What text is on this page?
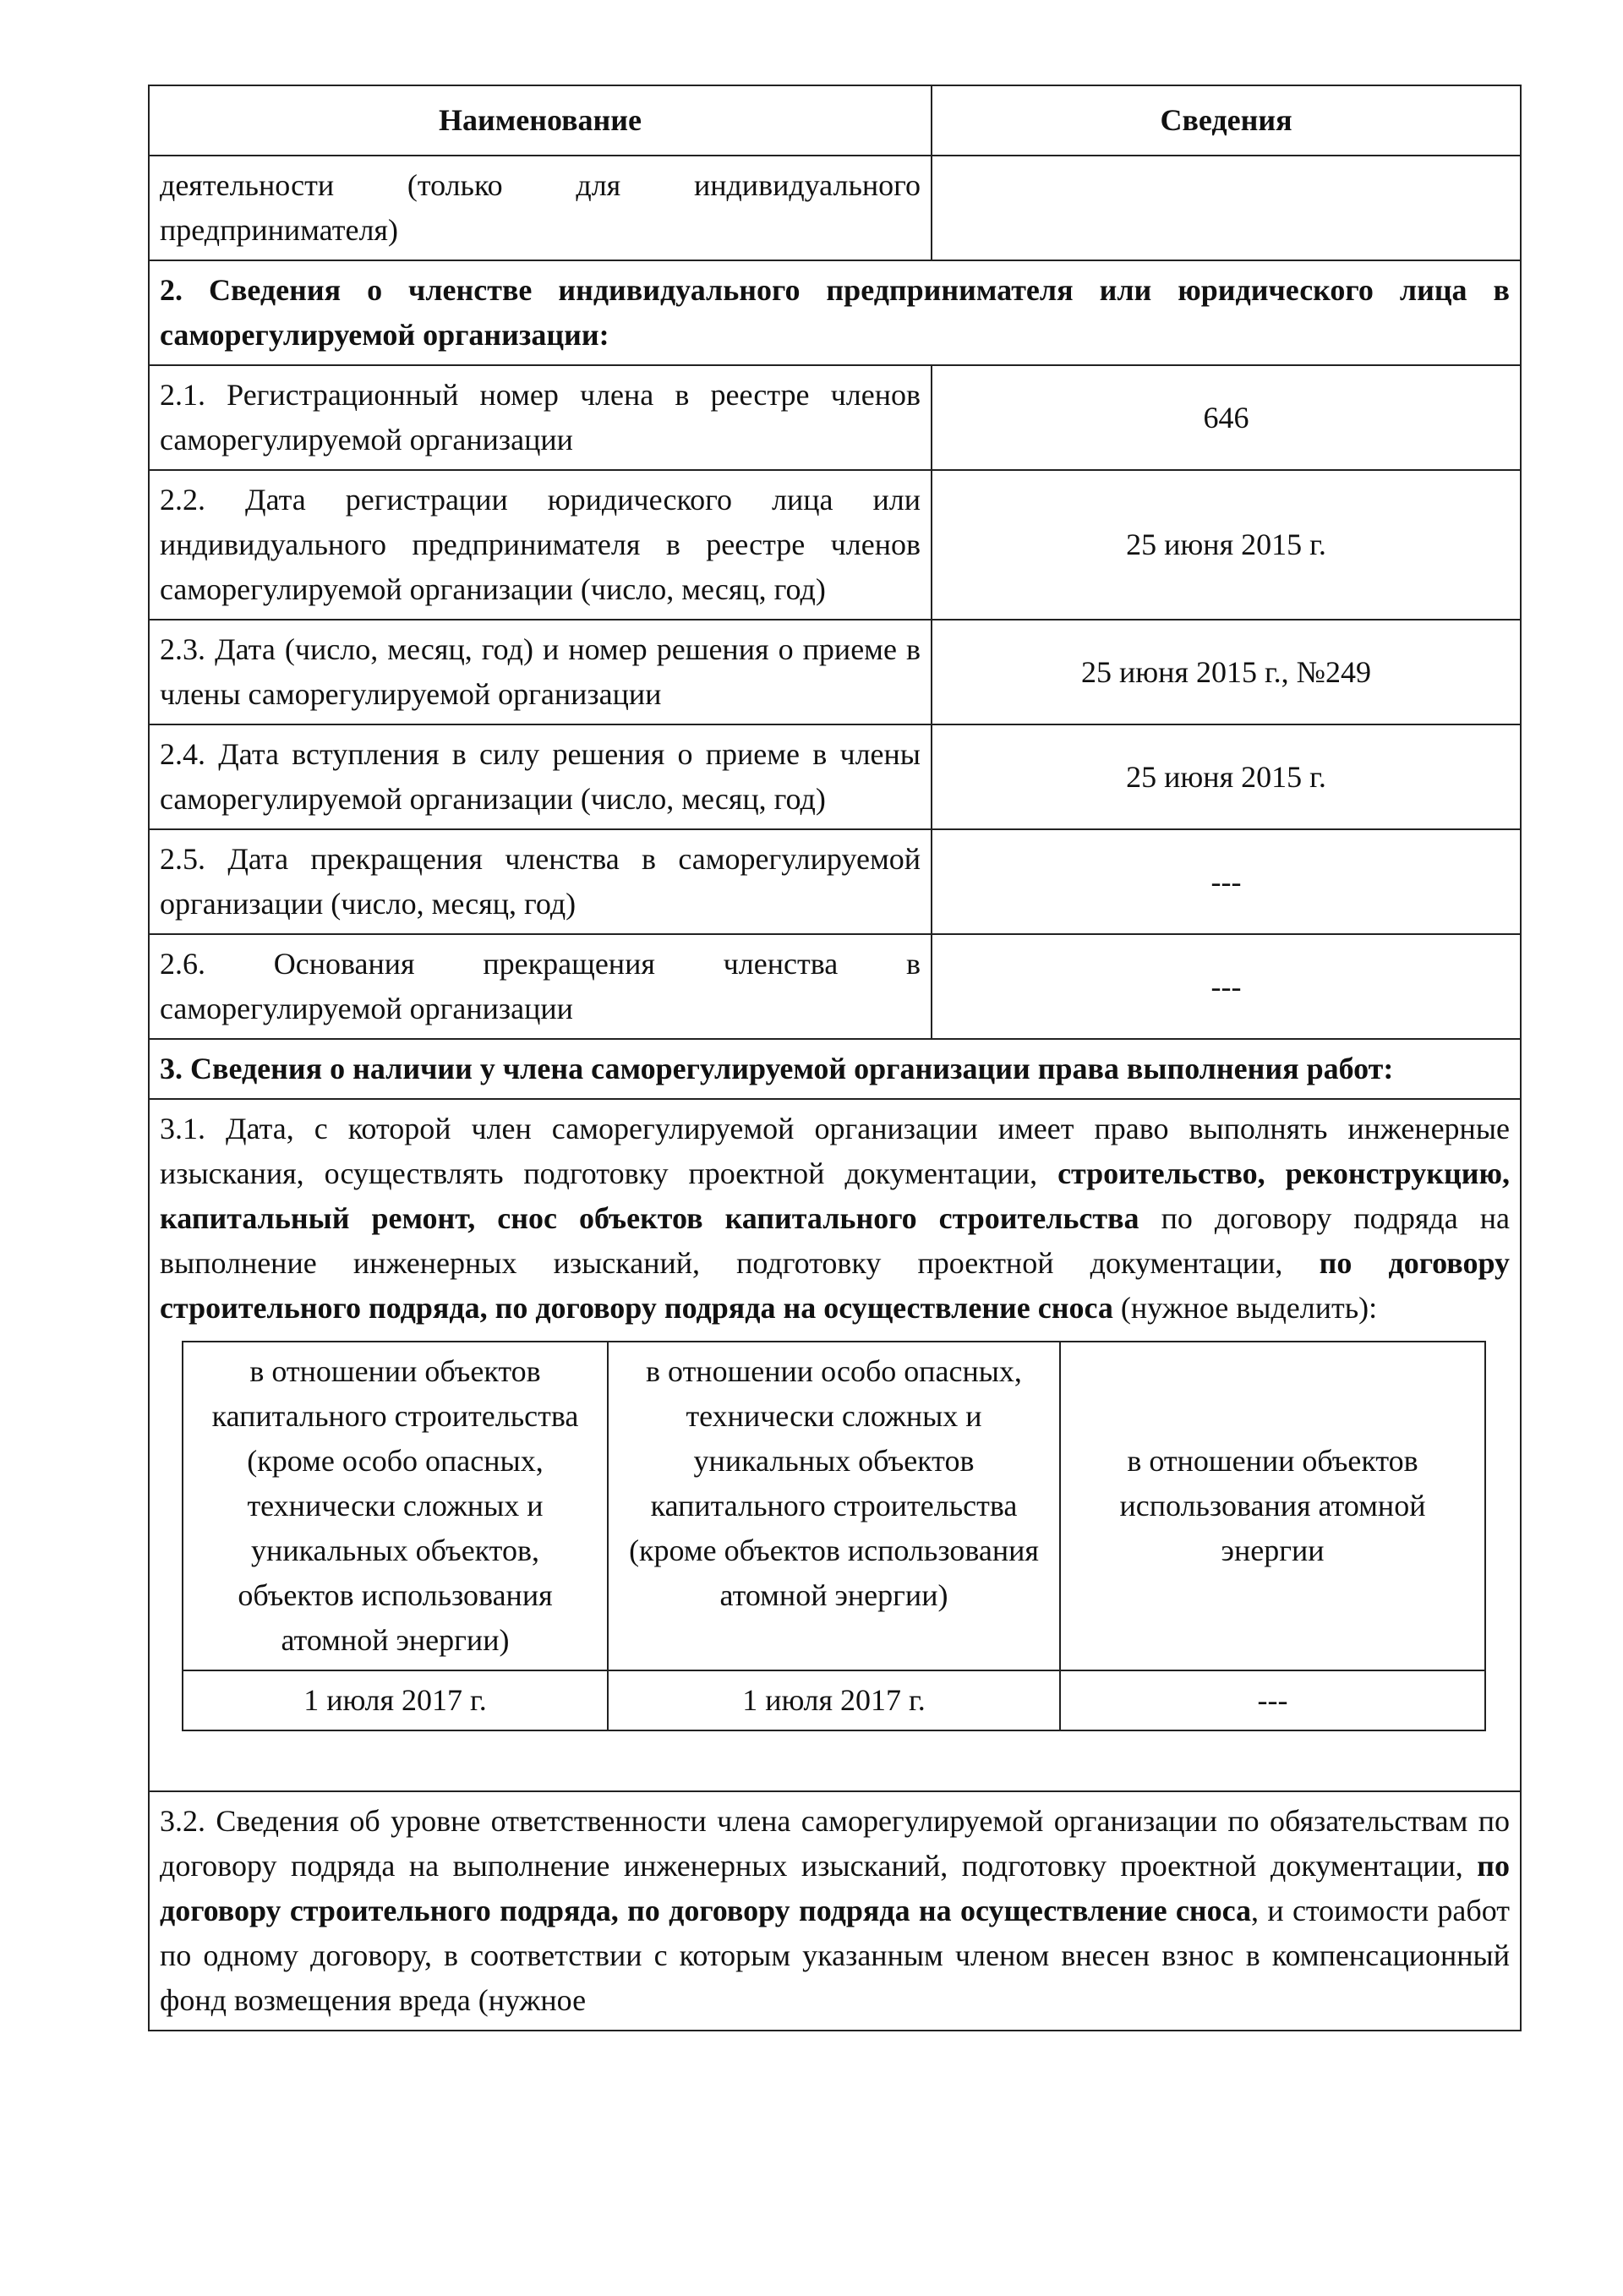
Наименование	Сведения

деятельности     (только     для     индивидуального
предпринимателя)

2. Сведения о членстве индивидуального предпринимателя или юридического лица в саморегулируемой организации:
2.1. Регистрационный номер члена в реестре членов саморегулируемой организации	646
2.2. Дата регистрации юридического лица или индивидуального предпринимателя в реестре членов саморегулируемой организации (число, месяц, год)	25 июня 2015 г.
2.3. Дата (число, месяц, год) и номер решения о приеме в члены саморегулируемой организации	25 июня 2015 г., №249
2.4. Дата вступления в силу решения о приеме в члены саморегулируемой организации (число, месяц, год)	25 июня 2015 г.
2.5. Дата прекращения членства в саморегулируемой организации (число, месяц, год)	---
2.6. Основания прекращения членства в саморегулируемой организации	---
3. Сведения о наличии у члена саморегулируемой организации права выполнения работ:

3.1. Дата, с которой член саморегулируемой организации имеет право выполнять инженерные изыскания, осуществлять подготовку проектной документации, строительство, реконструкцию, капитальный ремонт, снос объектов капитального строительства по договору подряда на выполнение инженерных изысканий, подготовку проектной документации, по договору строительного подряда, по договору подряда на осуществление сноса (нужное выделить):
в отношении объектов капитального строительства (кроме особо опасных, технически сложных и уникальных объектов, объектов использования атомной энергии)	в отношении особо опасных, технически сложных и уникальных объектов капитального строительства (кроме объектов использования атомной энергии)	в отношении объектов использования атомной энергии
1 июля 2017 г.	1 июля 2017 г.	---

3.2. Сведения об уровне ответственности члена саморегулируемой организации по обязательствам по договору подряда на выполнение инженерных изысканий, подготовку проектной документации, по договору строительного подряда, по договору подряда на осуществление сноса, и стоимости работ по одному договору, в соответствии с которым указанным членом внесен взнос в компенсационный фонд возмещения вреда (нужное
